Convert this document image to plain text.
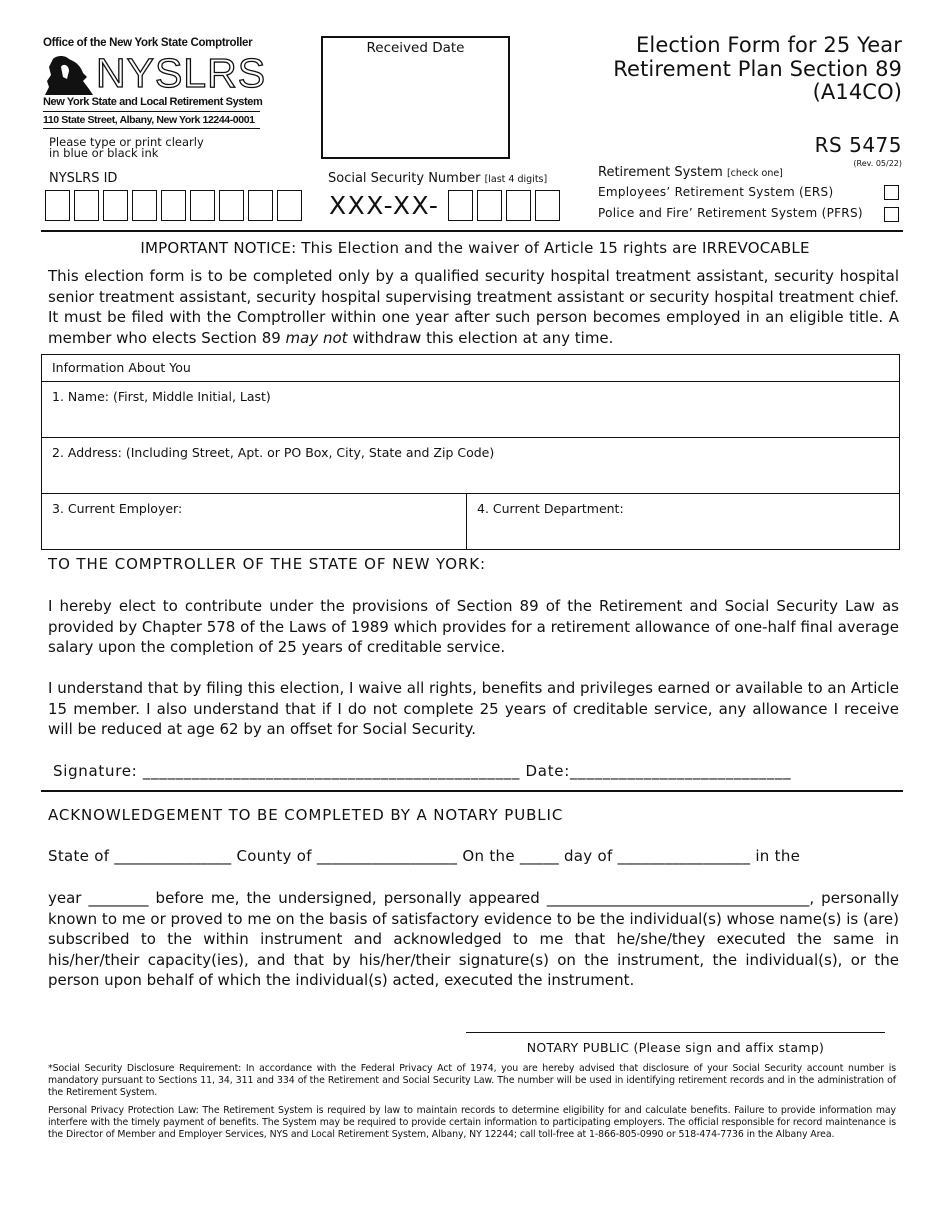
Office of the New York State Comptroller
NYSLRS
New York State and Local Retirement System
110 State Street, Albany, New York 12244-0001
Please type or print clearly
in blue or black ink
Received Date	Election Form for 25 Year
Retirement Plan Section 89
(A14CO)
RS 5475
(Rev. 05/22)
Retirement System [check one]
Employees’ Retirement System (ERS)
Police and Fire’ Retirement System (PFRS)
NYSLRS ID	Social Security Number [last 4 digits]
XXX-XX-
IMPORTANT NOTICE: This Election and the waiver of Article 15 rights are IRREVOCABLE
This election form is to be completed only by a qualified security hospital treatment assistant, security hospital senior treatment assistant, security hospital supervising treatment assistant or security hospital treatment chief. It must be filed with the Comptroller within one year after such person becomes employed in an eligible title. A member who elects Section 89 may not withdraw this election at any time.
Information About You
1. Name: (First, Middle Initial, Last)
2. Address: (Including Street, Apt. or PO Box, City, State and Zip Code)
3. Current Employer:	4. Current Department:
TO THE COMPTROLLER OF THE STATE OF NEW YORK:
I hereby elect to contribute under the provisions of Section 89 of the Retirement and Social Security Law as provided by Chapter 578 of the Laws of 1989 which provides for a retirement allowance of one-half final average salary upon the completion of 25 years of creditable service.
I understand that by filing this election, I waive all rights, benefits and privileges earned or available to an Article 15 member. I also understand that if I do not complete 25 years of creditable service, any allowance I receive will be reduced at age 62 by an offset for Social Security.
Signature: ______________________________________________ Date:___________________________
ACKNOWLEDGEMENT TO BE COMPLETED BY A NOTARY PUBLIC
State of _______________ County of __________________ On the _____ day of _________________ in the
year ________ before me, the undersigned, personally appeared ___________________________________, personally known to me or proved to me on the basis of satisfactory evidence to be the individual(s) whose name(s) is (are) subscribed to the within instrument and acknowledged to me that he/she/they executed the same in his/her/their capacity(ies), and that by his/her/their signature(s) on the instrument, the individual(s), or the person upon behalf of which the individual(s) acted, executed the instrument.
NOTARY PUBLIC (Please sign and affix stamp)
*Social Security Disclosure Requirement: In accordance with the Federal Privacy Act of 1974, you are hereby advised that disclosure of your Social Security account number is mandatory pursuant to Sections 11, 34, 311 and 334 of the Retirement and Social Security Law. The number will be used in identifying retirement records and in the administration of the Retirement System.
Personal Privacy Protection Law: The Retirement System is required by law to maintain records to determine eligibility for and calculate benefits. Failure to provide information may interfere with the timely payment of benefits. The System may be required to provide certain information to participating employers. The official responsible for record maintenance is the Director of Member and Employer Services, NYS and Local Retirement System, Albany, NY 12244; call toll-free at 1-866-805-0990 or 518-474-7736 in the Albany Area.
